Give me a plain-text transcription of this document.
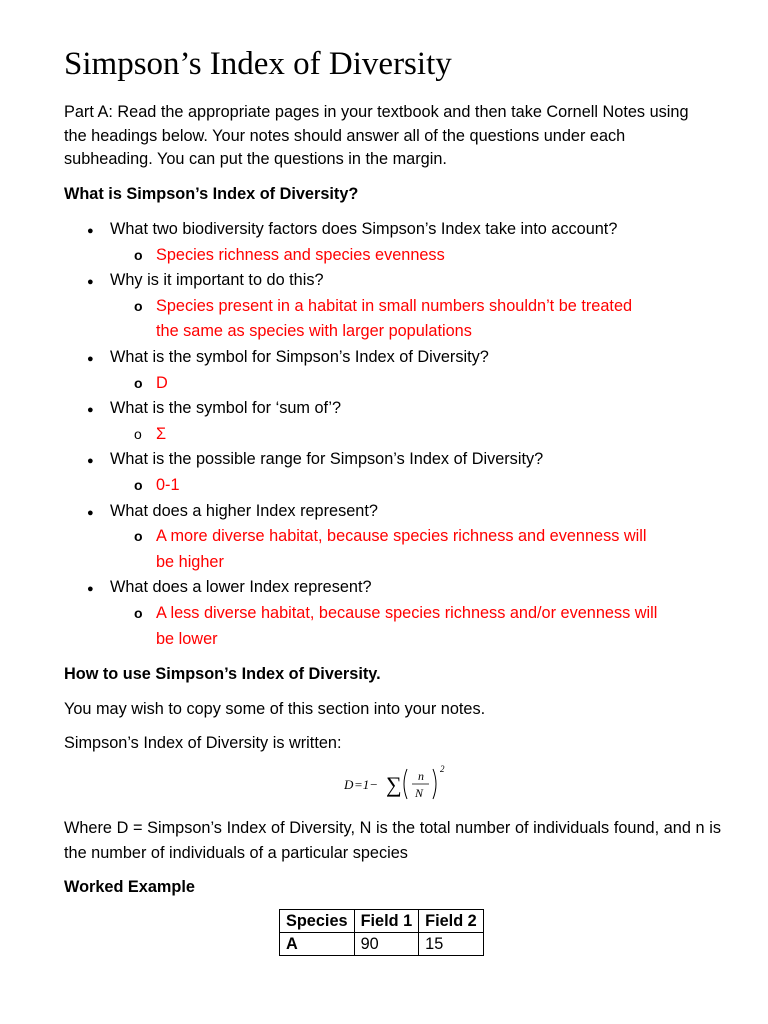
Simpson’s Index of Diversity
Part A: Read the appropriate pages in your textbook and then take Cornell Notes using the headings below. Your notes should answer all of the questions under each subheading. You can put the questions in the margin.
What is Simpson’s Index of Diversity?
●
What two biodiversity factors does Simpson’s Index take into account?
o Species richness and species evenness
●
Why is it important to do this?
o Species present in a habitat in small numbers shouldn’t be treated
the same as species with larger populations
●
What is the symbol for Simpson’s Index of Diversity?
o D
●
What is the symbol for ‘sum of’?
o Σ
●
What is the possible range for Simpson’s Index of Diversity?
o 0-1
●
What does a higher Index represent?
o A more diverse habitat, because species richness and evenness will
be higher
●
What does a lower Index represent?
o A less diverse habitat, because species richness and/or evenness will
be lower
How to use Simpson’s Index of Diversity.
You may wish to copy some of this section into your notes.
Simpson’s Index of Diversity is written:
D =1− ∑ n
N
2
Where D = Simpson’s Index of Diversity, N is the total number of individuals found, and n is the number of individuals of a particular species
Worked Example
Species	Field 1	Field 2
A	90	15
